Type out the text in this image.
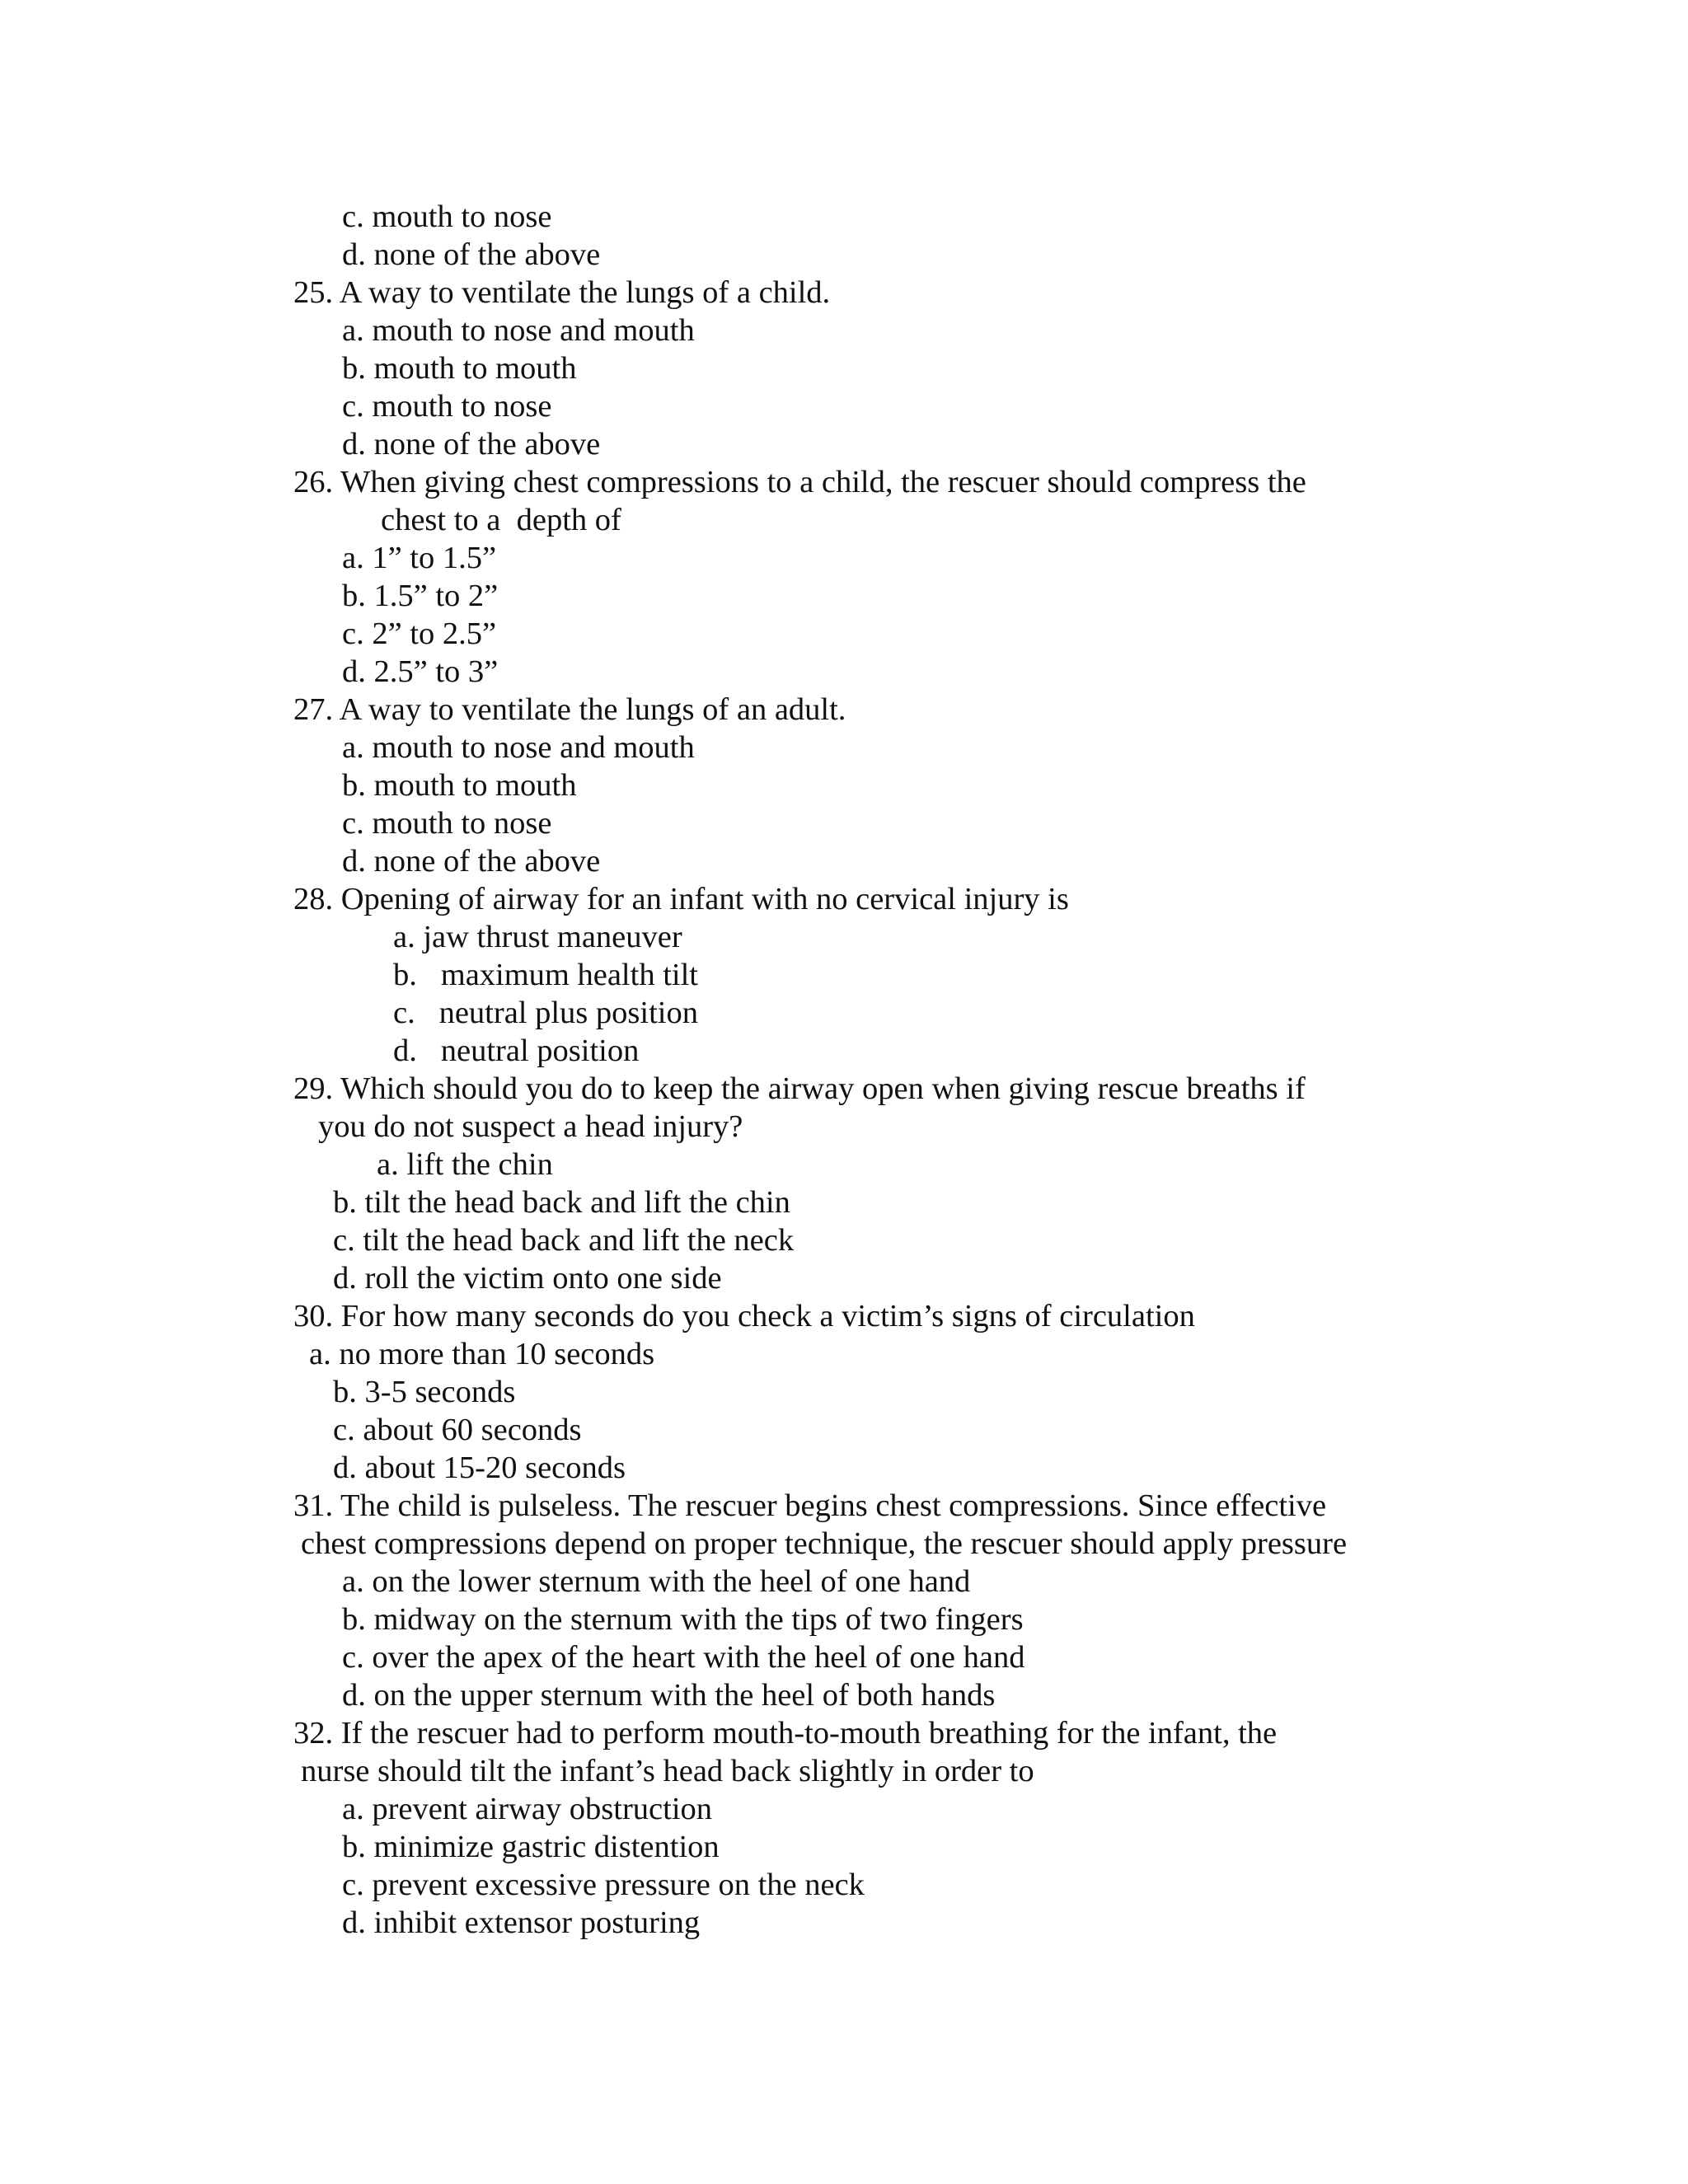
c. mouth to nose
d. none of the above
25. A way to ventilate the lungs of a child.
a. mouth to nose and mouth
b. mouth to mouth
c. mouth to nose
d. none of the above
26. When giving chest compressions to a child, the rescuer should compress the
chest to a  depth of
a. 1” to 1.5”
b. 1.5” to 2”
c. 2” to 2.5”
d. 2.5” to 3”
27. A way to ventilate the lungs of an adult.
a. mouth to nose and mouth
b. mouth to mouth
c. mouth to nose
d. none of the above
28. Opening of airway for an infant with no cervical injury is
a. jaw thrust maneuver
b.   maximum health tilt
c.   neutral plus position
d.   neutral position
29. Which should you do to keep the airway open when giving rescue breaths if
you do not suspect a head injury?
a. lift the chin
b. tilt the head back and lift the chin
c. tilt the head back and lift the neck
d. roll the victim onto one side
30. For how many seconds do you check a victim’s signs of circulation
a. no more than 10 seconds
b. 3-5 seconds
c. about 60 seconds
d. about 15-20 seconds
31. The child is pulseless. The rescuer begins chest compressions. Since effective
chest compressions depend on proper technique, the rescuer should apply pressure
a. on the lower sternum with the heel of one hand
b. midway on the sternum with the tips of two fingers
c. over the apex of the heart with the heel of one hand
d. on the upper sternum with the heel of both hands
32. If the rescuer had to perform mouth-to-mouth breathing for the infant, the
nurse should tilt the infant’s head back slightly in order to
a. prevent airway obstruction
b. minimize gastric distention
c. prevent excessive pressure on the neck
d. inhibit extensor posturing
